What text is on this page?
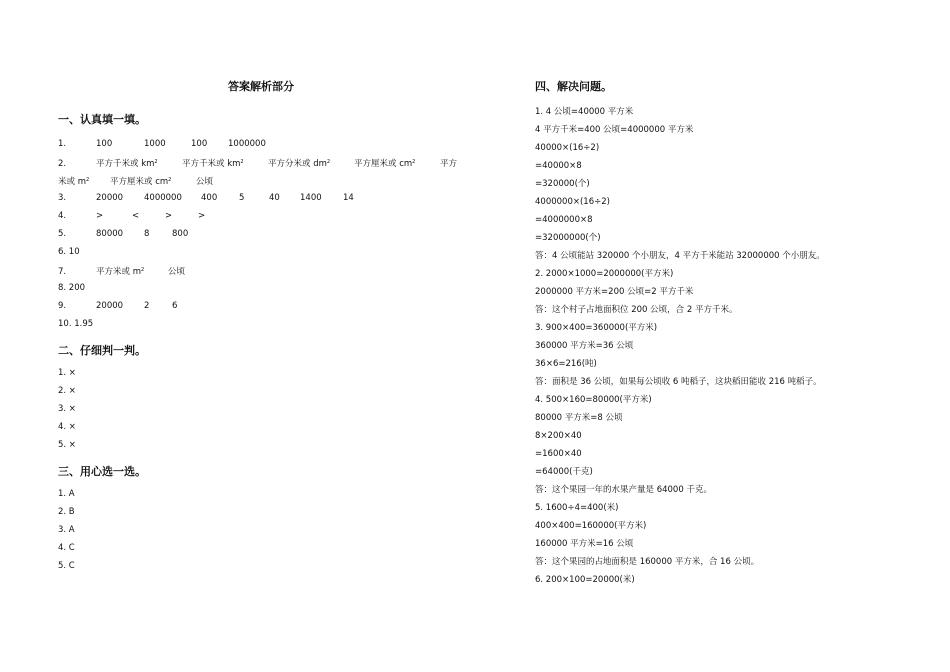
答案解析部分
一、认真填一填。
1.	100	1000	100 1000000
2.	平方千米或 $km^2$	平方千米或 $km^2$	平方分米或 $dm^2$	平方厘米或 $cm^2$	平方
米或 $m^2$ 平方厘米或 $cm^2$	公顷
3.	20000 4000000 400	5	40 1400	14
4.	>	<	>	>
5.	80000 8	800
6. 10
7.	平方米或 $m^2$	公顷
8. 200
9.	20000 2	6
10. 1.95
二、仔细判一判。
1. ×
2. ×
3. ×
4. ×
5. ×
三、用心选一选。
1. A
2. B
3. A
4. C
5. C
四、解决问题。
1. 4 公顷=40000 平方米
4 平方千米=400 公顷=4000000 平方米
40000×(16÷2)
=40000×8
=320000(个)
4000000×(16÷2)
=4000000×8
=32000000(个)
答：4 公顷能站 320000 个小朋友，4 平方千米能站 32000000 个小朋友。
2. 2000×1000=2000000(平方米)
2000000 平方米=200 公顷=2 平方千米
答：这个村子占地面积位 200 公顷，合 2 平方千米。
3. 900×400=360000(平方米)
360000 平方米=36 公顷
36×6=216(吨)
答：面积是 36 公顷，如果每公顷收 6 吨稻子，这块稻田能收 216 吨稻子。
4. 500×160=80000(平方米)
80000 平方米=8 公顷
8×200×40
=1600×40
=64000(千克)
答：这个果园一年的水果产量是 64000 千克。
5. 1600÷4=400(米)
400×400=160000(平方米)
160000 平方米=16 公顷
答：这个果园的占地面积是 160000 平方米，合 16 公顷。
6. 200×100=20000(米)
